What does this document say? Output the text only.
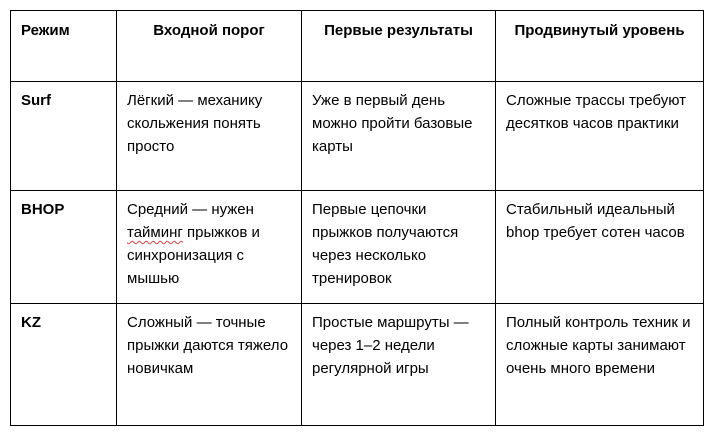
Режим	Входной порог	Первые результаты	Продвинутый уровень
Surf	Лёгкий — механику скольжения понять просто	Уже в первый день можно пройти базовые карты	Сложные трассы требуют десятков часов практики
BHOP	Средний — нужен тайминг прыжков и синхронизация с мышью	Первые цепочки прыжков получаются через несколько тренировок	Стабильный идеальный bhop требует сотен часов
KZ	Сложный — точные прыжки даются тяжело новичкам	Простые маршруты — через 1–2 недели регулярной игры	Полный контроль техник и сложные карты занимают очень много времени
